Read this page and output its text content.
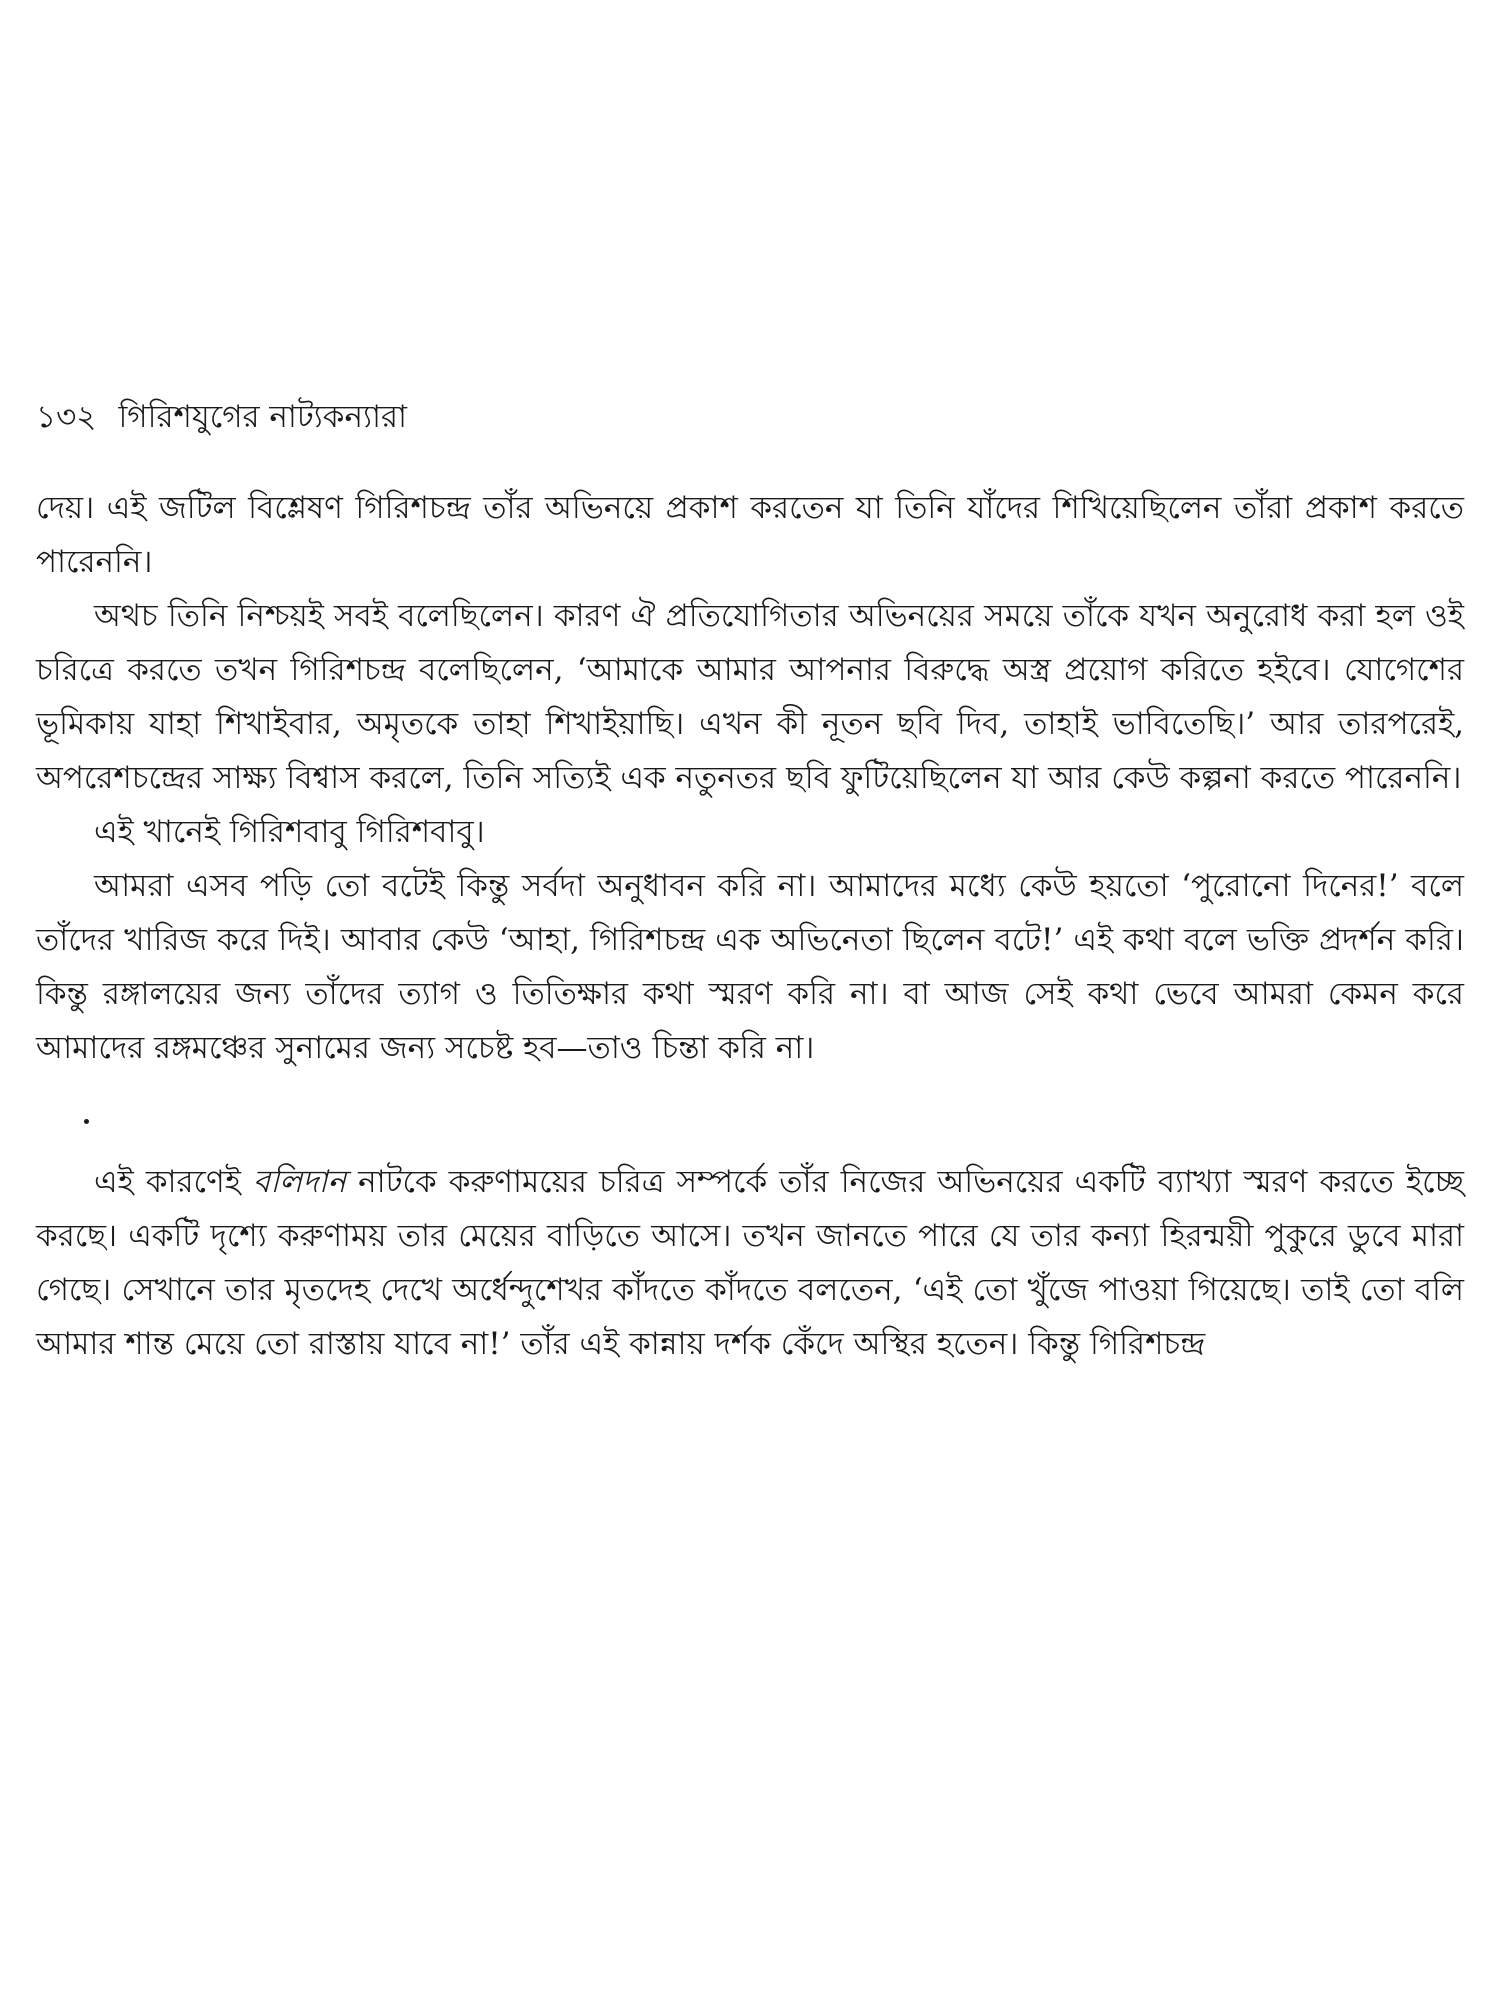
১৩২ গিরিশযুগের নাট্যকন্যারা

দেয়। এই জটিল বিশ্লেষণ গিরিশচন্দ্র তাঁর অভিনয়ে প্রকাশ করতেন যা তিনি যাঁদের শিখিয়েছিলেন তাঁরা প্রকাশ করতে পারেননি।

অথচ তিনি নিশ্চয়ই সবই বলেছিলেন। কারণ ঐ প্রতিযোগিতার অভিনয়ের সময়ে তাঁকে যখন অনুরোধ করা হল ওই চরিত্রে করতে তখন গিরিশচন্দ্র বলেছিলেন, ‘আমাকে আমার আপনার বিরুদ্ধে অস্ত্র প্রয়োগ করিতে হইবে। যোগেশের ভূমিকায় যাহা শিখাইবার, অমৃতকে তাহা শিখাইয়াছি। এখন কী নূতন ছবি দিব, তাহাই ভাবিতেছি।’ আর তারপরেই, অপরেশচন্দ্রের সাক্ষ্য বিশ্বাস করলে, তিনি সত্যিই এক নতুনতর ছবি ফুটিয়েছিলেন যা আর কেউ কল্পনা করতে পারেননি।

এই খানেই গিরিশবাবু গিরিশবাবু।

আমরা এসব পড়ি তো বটেই কিন্তু সর্বদা অনুধাবন করি না। আমাদের মধ্যে কেউ হয়তো ‘পুরোনো দিনের!’ বলে তাঁদের খারিজ করে দিই। আবার কেউ ‘আহা, গিরিশচন্দ্র এক অভিনেতা ছিলেন বটে!’ এই কথা বলে ভক্তি প্রদর্শন করি। কিন্তু রঙ্গালয়ের জন্য তাঁদের ত্যাগ ও তিতিক্ষার কথা স্মরণ করি না। বা আজ সেই কথা ভেবে আমরা কেমন করে আমাদের রঙ্গমঞ্চের সুনামের জন্য সচেষ্ট হব—তাও চিন্তা করি না।

এই কারণেই বলিদান নাটকে করুণাময়ের চরিত্র সম্পর্কে তাঁর নিজের অভিনয়ের একটি ব্যাখ্যা স্মরণ করতে ইচ্ছে করছে। একটি দৃশ্যে করুণাময় তার মেয়ের বাড়িতে আসে। তখন জানতে পারে যে তার কন্যা হিরন্ময়ী পুকুরে ডুবে মারা গেছে। সেখানে তার মৃতদেহ দেখে অর্ধেন্দুশেখর কাঁদতে কাঁদতে বলতেন, ‘এই তো খুঁজে পাওয়া গিয়েছে। তাই তো বলি আমার শান্ত মেয়ে তো রাস্তায় যাবে না!’ তাঁর এই কান্নায় দর্শক কেঁদে অস্থির হতেন। কিন্তু গিরিশচন্দ্র
